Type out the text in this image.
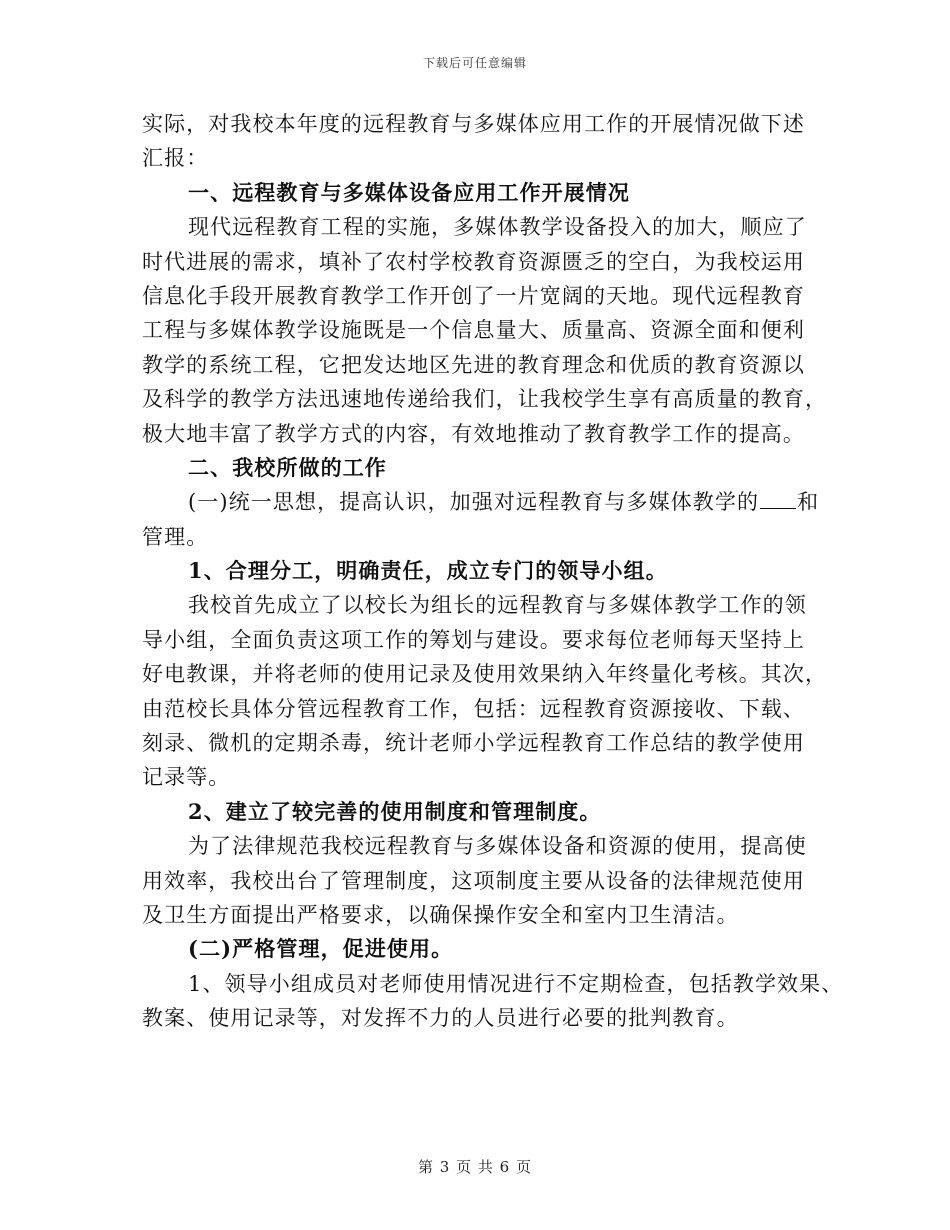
下载后可任意编辑
实际，对我校本年度的远程教育与多媒体应用工作的开展情况做下述
汇报：
一、远程教育与多媒体设备应用工作开展情况
现代远程教育工程的实施，多媒体教学设备投入的加大，顺应了
时代进展的需求，填补了农村学校教育资源匮乏的空白，为我校运用
信息化手段开展教育教学工作开创了一片宽阔的天地。现代远程教育
工程与多媒体教学设施既是一个信息量大、质量高、资源全面和便利
教学的系统工程，它把发达地区先进的教育理念和优质的教育资源以
及科学的教学方法迅速地传递给我们，让我校学生享有高质量的教育，
极大地丰富了教学方式的内容，有效地推动了教育教学工作的提高。
二、我校所做的工作
(一)统一思想，提高认识，加强对远程教育与多媒体教学的 和
管理。
1、合理分工，明确责任，成立专门的领导小组。
我校首先成立了以校长为组长的远程教育与多媒体教学工作的领
导小组，全面负责这项工作的筹划与建设。要求每位老师每天坚持上
好电教课，并将老师的使用记录及使用效果纳入年终量化考核。其次，
由范校长具体分管远程教育工作，包括：远程教育资源接收、下载、
刻录、微机的定期杀毒，统计老师小学远程教育工作总结的教学使用
记录等。
2、建立了较完善的使用制度和管理制度。
为了法律规范我校远程教育与多媒体设备和资源的使用，提高使
用效率，我校出台了管理制度，这项制度主要从设备的法律规范使用
及卫生方面提出严格要求，以确保操作安全和室内卫生清洁。
(二)严格管理，促进使用。
1、领导小组成员对老师使用情况进行不定期检查，包括教学效果、
教案、使用记录等，对发挥不力的人员进行必要的批判教育。
第 3 页 共 6 页
